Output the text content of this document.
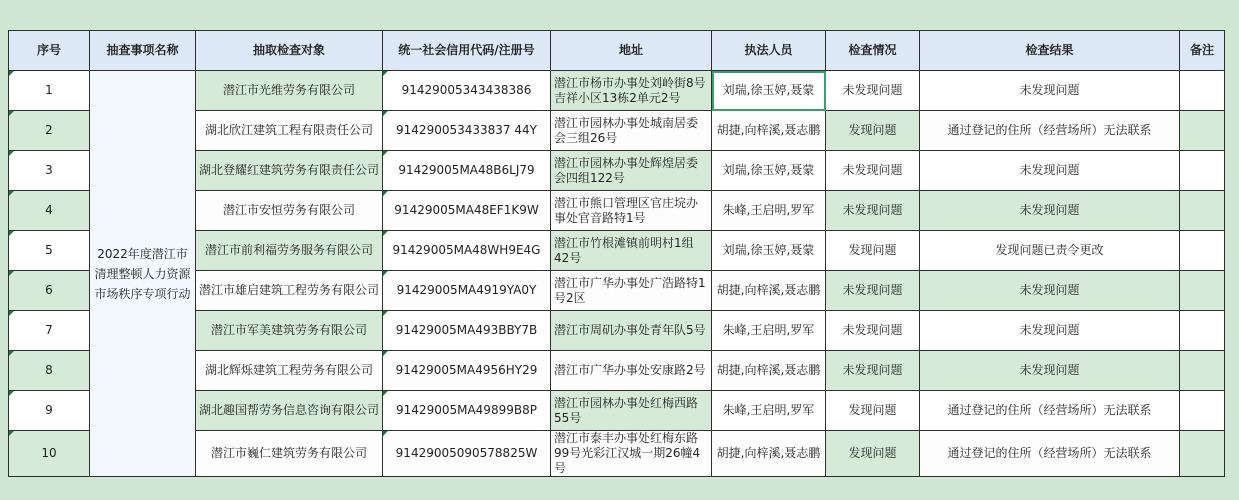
序号	抽查事项名称	抽取检查对象	统一社会信用代码/注册号	地址	执法人员	检查情况	检查结果	备注
1	2022年度潜江市清理整顿人力资源市场秩序专项行动	潜江市光维劳务有限公司	91429005343438386	潜江市杨市办事处刘岭街8号吉祥小区13栋2单元2号	刘瑞,徐玉婷,聂蒙	未发现问题	未发现问题	
2		湖北欣江建筑工程有限责任公司	914290053433837 44Y	潜江市园林办事处城南居委会三组26号	胡捷,向梓溪,聂志鹏	发现问题	通过登记的住所（经营场所）无法联系	
3		湖北登耀红建筑劳务有限责任公司	91429005MA48B6LJ79	潜江市园林办事处辉煌居委会四组122号	刘瑞,徐玉婷,聂蒙	未发现问题	未发现问题	
4		潜江市安恒劳务有限公司	91429005MA48EF1K9W	潜江市熊口管理区官庄垸办事处官音路特1号	朱峰,王启明,罗军	未发现问题	未发现问题	
5		潜江市前利福劳务服务有限公司	91429005MA48WH9E4G	潜江市竹根滩镇前明村1组42号	刘瑞,徐玉婷,聂蒙	发现问题	发现问题已责令更改	
6		潜江市雄启建筑工程劳务有限公司	91429005MA4919YA0Y	潜江市广华办事处广浩路特1号2区	胡捷,向梓溪,聂志鹏	未发现问题	未发现问题	
7		潜江市军美建筑劳务有限公司	91429005MA493BBY7B	潜江市周矶办事处青年队5号	朱峰,王启明,罗军	未发现问题	未发现问题	
8		湖北辉烁建筑工程劳务有限公司	91429005MA4956HY29	潜江市广华办事处安康路2号	胡捷,向梓溪,聂志鹏	未发现问题	未发现问题	
9		湖北趣国帮劳务信息咨询有限公司	91429005MA49899B8P	潜江市园林办事处红梅西路55号	朱峰,王启明,罗军	发现问题	通过登记的住所（经营场所）无法联系	
10		潜江市巍仁建筑劳务有限公司	91429005090578825W	潜江市泰丰办事处红梅东路99号光彩江汉城一期26幢4号	胡捷,向梓溪,聂志鹏	发现问题	通过登记的住所（经营场所）无法联系	
